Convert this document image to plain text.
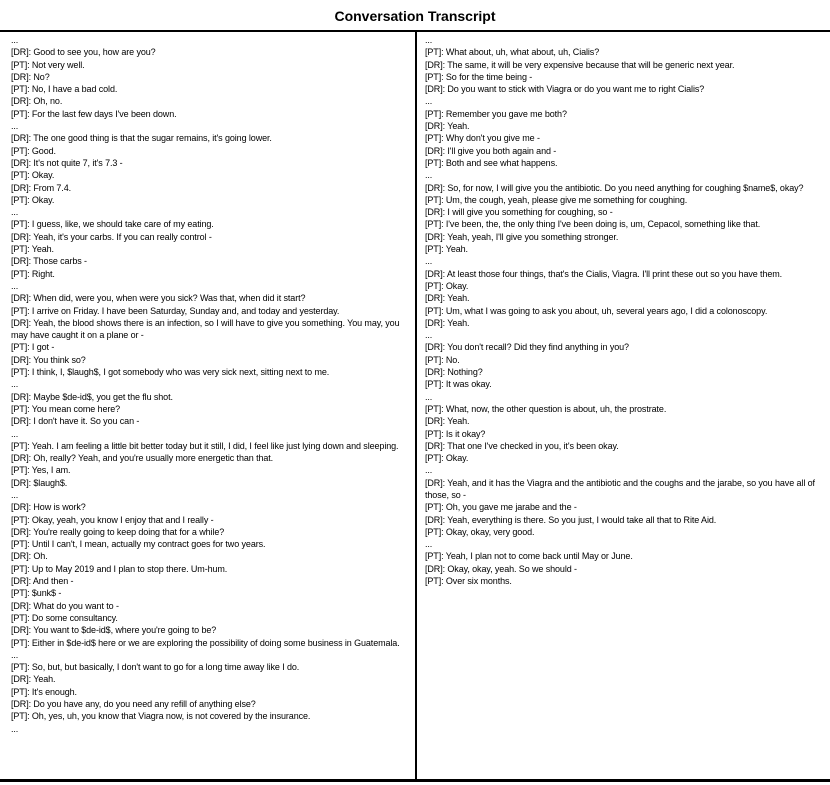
Conversation Transcript
...
[DR]: Good to see you, how are you?
[PT]: Not very well.
[DR]: No?
[PT]: No, I have a bad cold.
[DR]: Oh, no.
[PT]: For the last few days I've been down.
...
[DR]: The one good thing is that the sugar remains, it's going lower.
[PT]: Good.
[DR]: It's not quite 7, it's 7.3 -
[PT]: Okay.
[DR]: From 7.4.
[PT]: Okay.
...
[PT]: I guess, like, we should take care of my eating.
[DR]: Yeah, it's your carbs. If you can really control -
[PT]: Yeah.
[DR]: Those carbs -
[PT]: Right.
...
[DR]: When did, were you, when were you sick? Was that, when did it start?
[PT]: I arrive on Friday. I have been Saturday, Sunday and, and today and yesterday.
[DR]: Yeah, the blood shows there is an infection, so I will have to give you something. You may, you may have caught it on a plane or -
[PT]: I got -
[DR]: You think so?
[PT]: I think, I, $laugh$, I got somebody who was very sick next, sitting next to me.
...
[DR]: Maybe $de-id$, you get the flu shot.
[PT]: You mean come here?
[DR]: I don't have it. So you can -
...
[PT]: Yeah. I am feeling a little bit better today but it still, I did, I feel like just lying down and sleeping.
[DR]: Oh, really? Yeah, and you're usually more energetic than that.
[PT]: Yes, I am.
[DR]: $laugh$.
...
[DR]: How is work?
[PT]: Okay, yeah, you know I enjoy that and I really -
[DR]: You're really going to keep doing that for a while?
[PT]: Until I can't, I mean, actually my contract goes for two years.
[DR]: Oh.
[PT]: Up to May 2019 and I plan to stop there. Um-hum.
[DR]: And then -
[PT]: $unk$ -
[DR]: What do you want to -
[PT]: Do some consultancy.
[DR]: You want to $de-id$, where you're going to be?
[PT]: Either in $de-id$ here or we are exploring the possibility of doing some business in Guatemala.
...
[PT]: So, but, but basically, I don't want to go for a long time away like I do.
[DR]: Yeah.
[PT]: It's enough.
[DR]: Do you have any, do you need any refill of anything else?
[PT]: Oh, yes, uh, you know that Viagra now, is not covered by the insurance.
...
...
[PT]: What about, uh, what about, uh, Cialis?
[DR]: The same, it will be very expensive because that will be generic next year.
[PT]: So for the time being -
[DR]: Do you want to stick with Viagra or do you want me to right Cialis?
...
[PT]: Remember you gave me both?
[DR]: Yeah.
[PT]: Why don't you give me -
[DR]: I'll give you both again and -
[PT]: Both and see what happens.
...
[DR]: So, for now, I will give you the antibiotic. Do you need anything for coughing $name$, okay?
[PT]: Um, the cough, yeah, please give me something for coughing.
[DR]: I will give you something for coughing, so -
[PT]: I've been, the, the only thing I've been doing is, um, Cepacol, something like that.
[DR]: Yeah, yeah, I'll give you something stronger.
[PT]: Yeah.
...
[DR]: At least those four things, that's the Cialis, Viagra. I'll print these out so you have them.
[PT]: Okay.
[DR]: Yeah.
[PT]: Um, what I was going to ask you about, uh, several years ago, I did a colonoscopy.
[DR]: Yeah.
...
[DR]: You don't recall? Did they find anything in you?
[PT]: No.
[DR]: Nothing?
[PT]: It was okay.
...
[PT]: What, now, the other question is about, uh, the prostrate.
[DR]: Yeah.
[PT]: Is it okay?
[DR]: That one I've checked in you, it's been okay.
[PT]: Okay.
...
[DR]: Yeah, and it has the Viagra and the antibiotic and the coughs and the jarabe, so you have all of those, so -
[PT]: Oh, you gave me jarabe and the -
[DR]: Yeah, everything is there. So you just, I would take all that to Rite Aid.
[PT]: Okay, okay, very good.
...
[PT]: Yeah, I plan not to come back until May or June.
[DR]: Okay, okay, yeah. So we should -
[PT]: Over six months.
